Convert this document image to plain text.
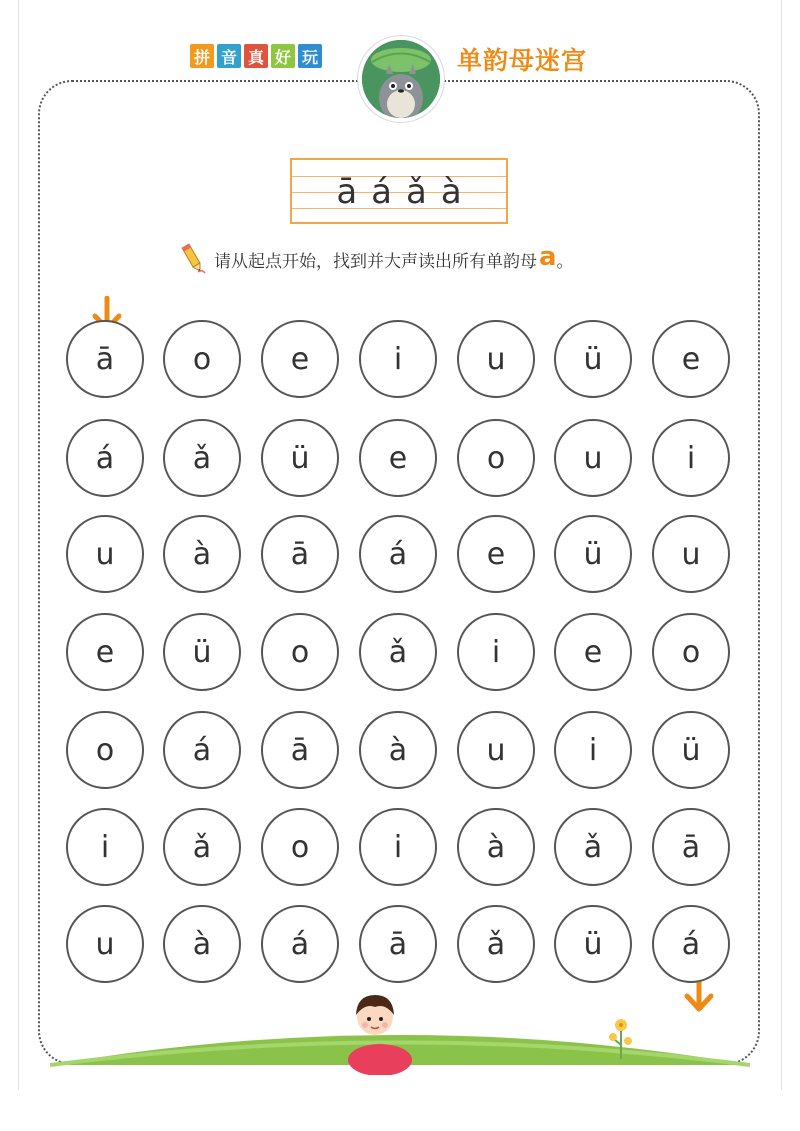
拼 音 真 好 玩	单韵母迷宫
āáǎà
请从起点开始，找到并大声读出所有单韵母 a 。
ā	o	e	i	u	ü	e
á	ǎ	ü	e	o	u	i
u	à	ā	á	e	ü	u
e	ü	o	ǎ	i	e	o
o	á	ā	à	u	i	ü
i	ǎ	o	i	à	ǎ	ā
u	à	á	ā	ǎ	ü	á
